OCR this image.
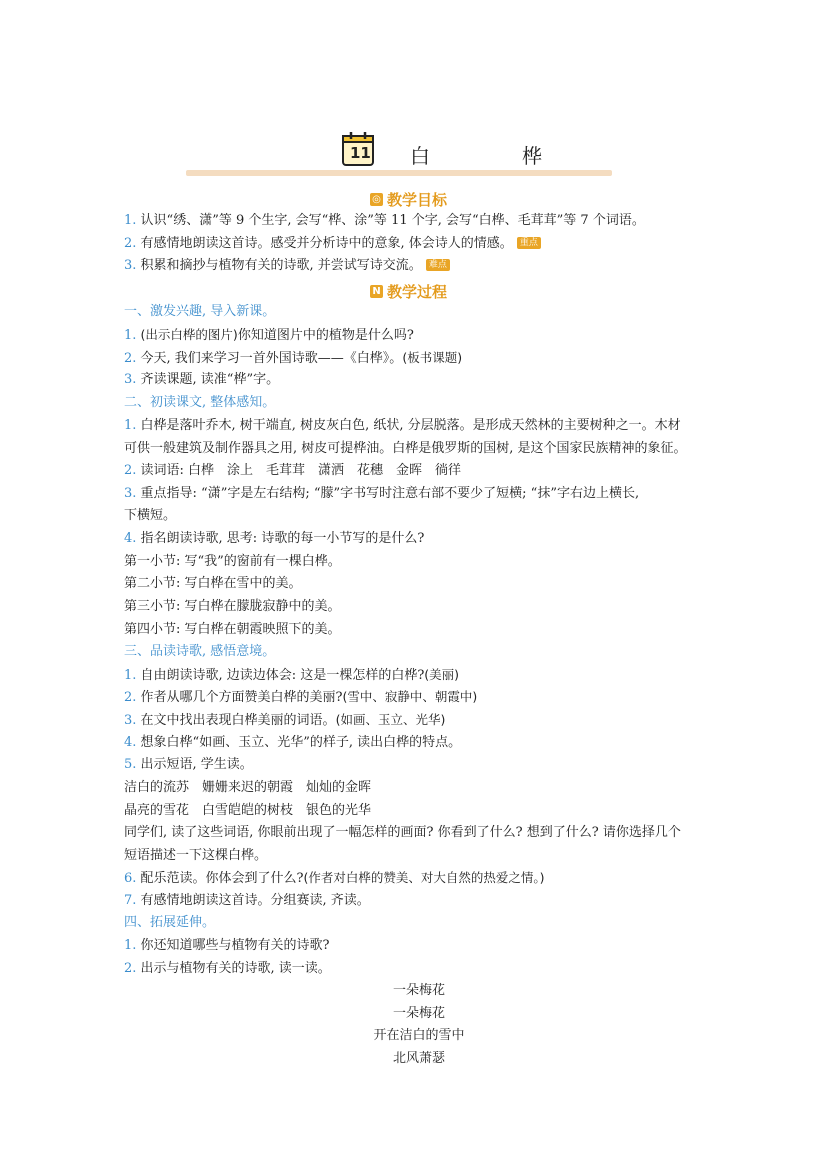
11 白　桦
◎ 教学目标
1. 认识“绣、潇”等 9 个生字, 会写“桦、涂”等 11 个字, 会写“白桦、毛茸茸”等 7 个词语。
2. 有感情地朗读这首诗。感受并分析诗中的意象, 体会诗人的情感。 重点
3. 积累和摘抄与植物有关的诗歌, 并尝试写诗交流。 难点
N 教学过程
一、激发兴趣, 导入新课。
1. (出示白桦的图片)你知道图片中的植物是什么吗?
2. 今天, 我们来学习一首外国诗歌——《白桦》。(板书课题)
3. 齐读课题, 读准“桦”字。
二、初读课文, 整体感知。
1. 白桦是落叶乔木, 树干端直, 树皮灰白色, 纸状, 分层脱落。是形成天然林的主要树种之一。木材
可供一般建筑及制作器具之用, 树皮可提桦油。白桦是俄罗斯的国树, 是这个国家民族精神的象征。
2. 读词语: 白桦　涂上　毛茸茸　潇洒　花穗　金晖　徜徉
3. 重点指导: “潇”字是左右结构; “朦”字书写时注意右部不要少了短横; “抹”字右边上横长,
下横短。
4. 指名朗读诗歌, 思考: 诗歌的每一小节写的是什么?
第一小节: 写“我”的窗前有一棵白桦。
第二小节: 写白桦在雪中的美。
第三小节: 写白桦在朦胧寂静中的美。
第四小节: 写白桦在朝霞映照下的美。
三、品读诗歌, 感悟意境。
1. 自由朗读诗歌, 边读边体会: 这是一棵怎样的白桦?(美丽)
2. 作者从哪几个方面赞美白桦的美丽?(雪中、寂静中、朝霞中)
3. 在文中找出表现白桦美丽的词语。(如画、玉立、光华)
4. 想象白桦“如画、玉立、光华”的样子, 读出白桦的特点。
5. 出示短语, 学生读。
洁白的流苏　姗姗来迟的朝霞　灿灿的金晖
晶亮的雪花　白雪皑皑的树枝　银色的光华
同学们, 读了这些词语, 你眼前出现了一幅怎样的画面? 你看到了什么? 想到了什么? 请你选择几个
短语描述一下这棵白桦。
6. 配乐范读。你体会到了什么?(作者对白桦的赞美、对大自然的热爱之情。)
7. 有感情地朗读这首诗。分组赛读, 齐读。
四、拓展延伸。
1. 你还知道哪些与植物有关的诗歌?
2. 出示与植物有关的诗歌, 读一读。
一朵梅花
一朵梅花
开在洁白的雪中
北风萧瑟
